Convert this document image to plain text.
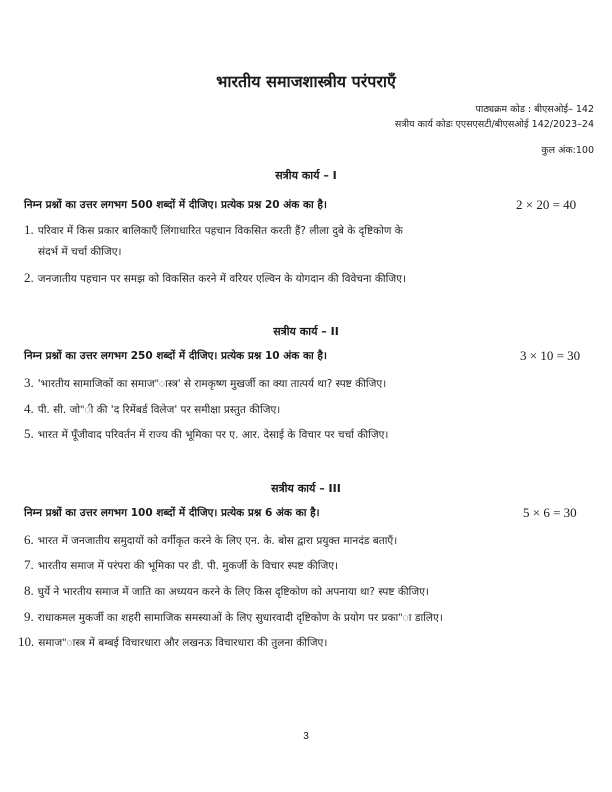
भारतीय समाजशास्त्रीय परंपराएँ
पाठ्यक्रम कोड : बीएसओई– 142
सत्रीय कार्य कोडः एएसएसटी/बीएसओई 142/2023–24
कुल अंक:100
सत्रीय कार्य – I
निम्न प्रश्नों का उत्तर लगभग 500 शब्दों में दीजिए। प्रत्येक प्रश्न 20 अंक का है।	2 × 20 = 40
1. परिवार में किस प्रकार बालिकाएँ लिंगाधारित पहचान विकसित करती हैं? लीला दुबे के दृष्टिकोण के
संदर्भ में चर्चा कीजिए।
2. जनजातीय पहचान पर समझ को विकसित करने में वरियर एल्विन के योगदान की विवेचना कीजिए।
सत्रीय कार्य – II
निम्न प्रश्नों का उत्तर लगभग 250 शब्दों में दीजिए। प्रत्येक प्रश्न 10 अंक का है।	3 × 10 = 30
3. 'भारतीय सामाजिकों का समाज"ास्त्र' से रामकृष्ण मुखर्जी का क्या तात्पर्य था? स्पष्ट कीजिए।
4. पी. सी. जो"ी की 'द रिमेंबर्ड विलेज' पर समीक्षा प्रस्तुत कीजिए।
5. भारत में पूँजीवाद परिवर्तन में राज्य की भूमिका पर ए. आर. देसाई के विचार पर चर्चा कीजिए।
सत्रीय कार्य – III
निम्न प्रश्नों का उत्तर लगभग 100 शब्दों में दीजिए। प्रत्येक प्रश्न 6 अंक का है।	5 × 6 = 30
6. भारत में जनजातीय समुदायों को वर्गीकृत करने के लिए एन. के. बोस द्वारा प्रयुक्त मानदंड बताएँ।
7. भारतीय समाज में परंपरा की भूमिका पर डी. पी. मुकर्जी के विचार स्पष्ट कीजिए।
8. घुर्ये ने भारतीय समाज में जाति का अध्ययन करने के लिए किस दृष्टिकोण को अपनाया था? स्पष्ट कीजिए।
9. राधाकमल मुकर्जी का शहरी सामाजिक समस्याओं के लिए सुधारवादी दृष्टिकोण के प्रयोग पर प्रका"ा डालिए।
10. समाज"ास्त्र में बम्बई विचारधारा और लखनऊ विचारधारा की तुलना कीजिए।
3
